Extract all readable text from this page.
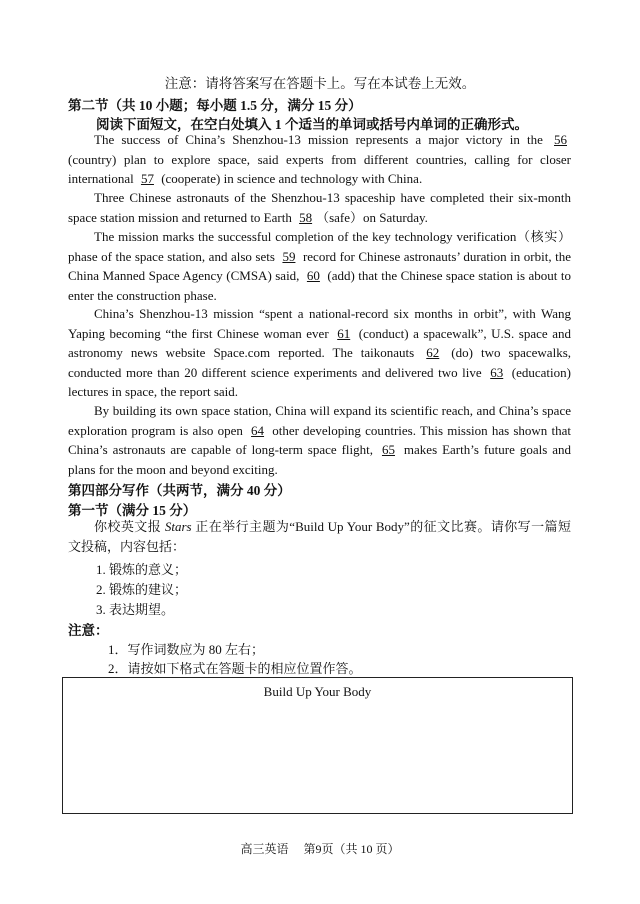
注意：请将答案写在答题卡上。写在本试卷上无效。
第二节（共 10 小题；每小题 1.5 分，满分 15 分）
阅读下面短文，在空白处填入 1 个适当的单词或括号内单词的正确形式。
The success of China’s Shenzhou-13 mission represents a major victory in the 56 (country) plan to explore space, said experts from different countries, calling for closer international 57 (cooperate) in science and technology with China.
Three Chinese astronauts of the Shenzhou-13 spaceship have completed their six-month space station mission and returned to Earth 58 （safe）on Saturday.
The mission marks the successful completion of the key technology verification（核实）phase of the space station, and also sets 59 record for Chinese astronauts’ duration in orbit, the China Manned Space Agency (CMSA) said, 60 (add) that the Chinese space station is about to enter the construction phase.
China’s Shenzhou-13 mission “spent a national-record six months in orbit”, with Wang Yaping becoming “the first Chinese woman ever 61 (conduct) a spacewalk”, U.S. space and astronomy news website Space.com reported. The taikonauts 62 (do) two spacewalks, conducted more than 20 different science experiments and delivered two live 63 (education) lectures in space, the report said.
By building its own space station, China will expand its scientific reach, and China’s space exploration program is also open 64 other developing countries. This mission has shown that China’s astronauts are capable of long-term space flight, 65 makes Earth’s future goals and plans for the moon and beyond exciting.
第四部分写作（共两节，满分 40 分）
第一节（满分 15 分）
你校英文报 Stars 正在举行主题为“Build Up Your Body”的征文比赛。请你写一篇短文投稿，内容包括：
1. 锻炼的意义；
2. 锻炼的建议；
3. 表达期望。
注意：
1．写作词数应为 80 左右；
2．请按如下格式在答题卡的相应位置作答。
Build Up Your Body
高三英语 第9页（共 10 页）
